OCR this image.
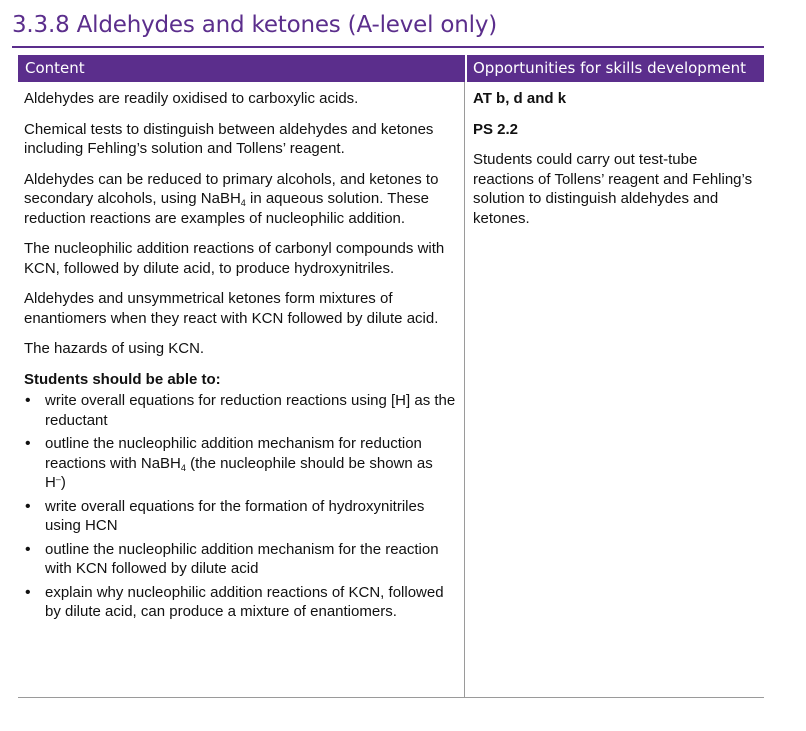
3.3.8 Aldehydes and ketones (A-level only)
Content	Opportunities for skills development

Aldehydes are readily oxidised to carboxylic acids.

Chemical tests to distinguish between aldehydes and ketones including Fehling’s solution and Tollens’ reagent.

Aldehydes can be reduced to primary alcohols, and ketones to secondary alcohols, using NaBH$_4$ in aqueous solution. These reduction reactions are examples of nucleophilic addition.

The nucleophilic addition reactions of carbonyl compounds with KCN, followed by dilute acid, to produce hydroxynitriles.

Aldehydes and unsymmetrical ketones form mixtures of enantiomers when they react with KCN followed by dilute acid.

The hazards of using KCN.

Students should be able to:

• write overall equations for reduction reactions using [H] as the reductant
• outline the nucleophilic addition mechanism for reduction reactions with NaBH$_4$ (the nucleophile should be shown as H–)
• write overall equations for the formation of hydroxynitriles using HCN
• outline the nucleophilic addition mechanism for the reaction with KCN followed by dilute acid
• explain why nucleophilic addition reactions of KCN, followed by dilute acid, can produce a mixture of enantiomers.

AT b, d and k

PS 2.2

Students could carry out test-tube reactions of Tollens’ reagent and Fehling’s solution to distinguish aldehydes and ketones.
